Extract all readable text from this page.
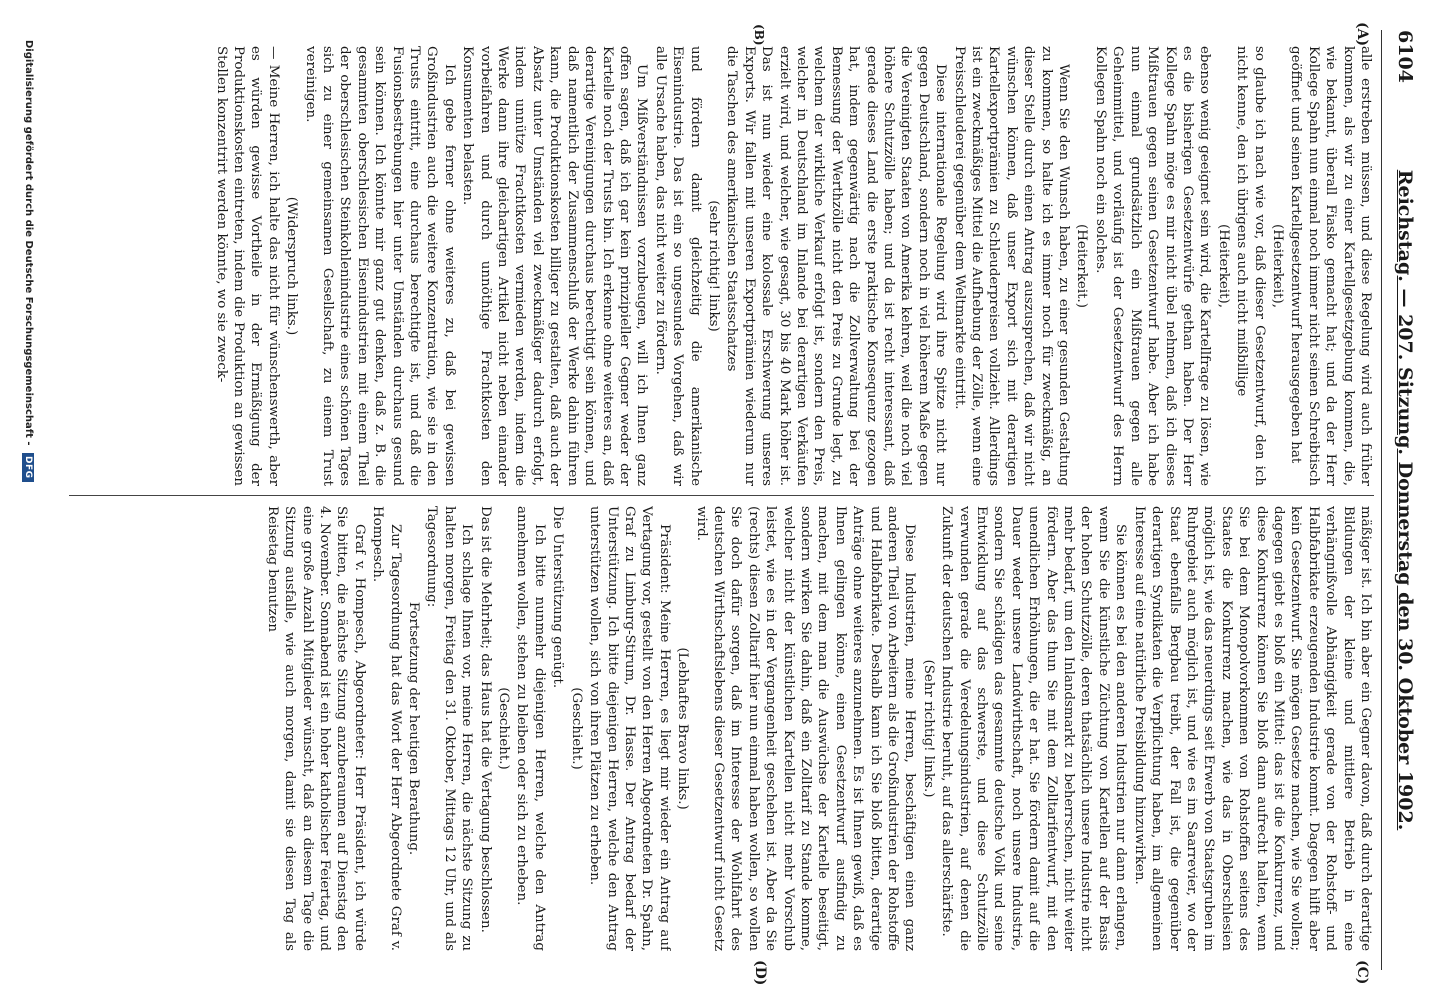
6104
Reichstag. — 207. Sitzung. Donnerstag den 30. Oktober 1902.
(A)
(B)
(C)
(D)

alle erstreben müssen, und diese Regelung wird auch früher kommen, als wir zu einer Kartellgesetzgebung kommen, die, wie bekannt, überall Fiasko gemacht hat; und da der Herr Kollege Spahn nun einmal noch immer nicht seinen Schreibtisch geöffnet und seinen Kartellgesetzentwurf herausgegeben hat

(Heiterkeit),

so glaube ich nach wie vor, daß dieser Gesetzentwurf, den ich nicht kenne, den ich übrigens auch nicht mißbillige

(Heiterkeit),

ebenso wenig geeignet sein wird, die Kartellfrage zu lösen, wie es die bisherigen Gesetzentwürfe gethan haben. Der Herr Kollege Spahn möge es mir nicht übel nehmen, daß ich dieses Mißtrauen gegen seinen Gesetzentwurf habe. Aber ich habe nun einmal grundsätzlich ein Mißtrauen gegen alle Geheimmittel, und vorläufig ist der Gesetzentwurf des Herrn Kollegen Spahn noch ein solches.

(Heiterkeit.)

Wenn Sie den Wunsch haben, zu einer gesunden Gestaltung zu kommen, so halte ich es immer noch für zweckmäßig, an dieser Stelle durch einen Antrag auszusprechen, daß wir nicht wünschen können, daß unser Export sich mit derartigen Kartellexportprämien zu Schleuderpreisen vollzieht. Allerdings ist ein zweckmäßiges Mittel die Aufhebung der Zölle, wenn eine Preisschleuderei gegenüber dem Weltmarkte eintritt.

Diese internationale Regelung wird ihre Spitze nicht nur gegen Deutschland, sondern noch in viel höherem Maße gegen die Vereinigten Staaten von Amerika kehren, weil die noch viel höhere Schutzzölle haben; und da ist recht interessant, daß gerade dieses Land die erste praktische Konsequenz gezogen hat, indem gegenwärtig nach die Zollverwaltung bei der Bemessung der Werthzölle nicht den Preis zu Grunde legt, zu welchem der wirkliche Verkauf erfolgt ist, sondern den Preis, welcher in Deutschland im Inlande bei derartigen Verkäufen erzielt wird, und welcher, wie gesagt, 30 bis 40 Mark höher ist. Das ist nun wieder eine kolossale Erschwerung unseres Exports. Wir fallen mit unseren Exportprämien wiederum nur die Taschen des amerikanischen Staatsschatzes

(sehr richtig! links)

und fördern damit gleichzeitig die amerikanische Eisenindustrie. Das ist ein so ungesundes Vorgehen, daß wir alle Ursache haben, das nicht weiter zu fördern.

Um Mißverständnissen vorzubeugen, will ich Ihnen ganz offen sagen, daß ich gar kein prinzipieller Gegner weder der Kartelle noch der Trusts bin. Ich erkenne ohne weiteres an, daß derartige Vereinigungen durchaus berechtigt sein können, und daß namentlich der Zusammenschluß der Werke dahin führen kann, die Produktionskosten billiger zu gestalten, daß auch der Absatz unter Umständen viel zweckmäßiger dadurch erfolgt, indem unnütze Frachtkosten vermieden werden, indem die Werke dann ihre gleichartigen Artikel nicht neben einander vorbeifahren und durch unnöthige Frachtkosten den Konsumenten belasten.

Ich gebe ferner ohne weiteres zu, daß bei gewissen Großindustrien auch die weitere Konzentration, wie sie in den Trusts eintritt, eine durchaus berechtigte ist, und daß die Fusionsbestrebungen hier unter Umständen durchaus gesund sein können. Ich könnte mir ganz gut denken, daß z. B. die gesammten oberschlesischen Eisenindustrien mit einem Theil der oberschlesischen Steinkohlenindustrie eines schönen Tages sich zu einer gemeinsamen Gesellschaft, zu einem Trust vereinigen.

(Widerspruch links.)

— Meine Herren, ich halte das nicht für wünschenswerth, aber es würden gewisse Vortheile in der Ermäßigung der Produktionskosten eintreten, indem die Produktion an gewissen Stellen konzentrirt werden könnte, wo sie zweck-

mäßiger ist. Ich bin aber ein Gegner davon, daß durch derartige Bildungen der kleine und mittlere Betrieb in eine verhängnißvolle Abhängigkeit gerade von der Rohstoff- und Halbfabrikate erzeugenden Industrie kommt. Dagegen hilft aber kein Gesetzentwurf. Sie mögen Gesetze machen, wie Sie wollen; dagegen giebt es bloß ein Mittel: das ist die Konkurrenz, und diese Konkurrenz können Sie bloß dann aufrecht halten, wenn Sie bei dem Monopolvorkommen von Rohstoffen seitens des Staates die Konkurrenz machen, wie das in Oberschlesien möglich ist, wie das neuerdings seit Erwerb von Staatsgruben im Ruhrgebiet auch möglich ist, und wie es im Saarrevier, wo der Staat ebenfalls Bergbau treibt, der Fall ist, die gegenüber derartigen Syndikaten die Verpflichtung haben, im allgemeinen Interesse auf eine natürliche Preisbildung hinzuwirken.

Sie können es bei den anderen Industrien nur dann erlangen, wenn Sie die künstliche Züchtung von Kartellen auf der Basis der hohen Schutzzölle, deren thatsächlich unsere Industrie nicht mehr bedarf, um den Inlandsmarkt zu beherrschen, nicht weiter fördern. Aber das thun Sie mit dem Zolltarifentwurf, mit den unendlichen Erhöhungen, die er hat. Sie fördern damit auf die Dauer weder unsere Landwirthschaft, noch unsere Industrie, sondern Sie schädigen das gesammte deutsche Volk und seine Entwicklung auf das schwerste, und diese Schutzzölle verwunden gerade die Veredelungsindustrien, auf denen die Zukunft der deutschen Industrie beruht, auf das allerschärfste.

(Sehr richtig! links.)

Diese Industrien, meine Herren, beschäftigen einen ganz anderen Theil von Arbeitern als die Großindustrien der Rohstoffe und Halbfabrikate. Deshalb kann ich Sie bloß bitten, derartige Anträge ohne weiteres anzunehmen. Es ist Ihnen gewiß, daß es Ihnen gelingen könne, einen Gesetzentwurf ausfindig zu machen, mit dem man die Auswüchse der Kartelle beseitigt, sondern wirken Sie dahin, daß ein Zolltarif zu Stande komme, welcher nicht der künstlichen Kartellen nicht mehr Vorschub leistet, wie es in der Vergangenheit geschehen ist. Aber da Sie (rechts) diesen Zolltarif hier nun einmal haben wollen, so wollen Sie doch dafür sorgen, daß im Interesse der Wohlfahrt des deutschen Wirthschaftslebens dieser Gesetzentwurf nicht Gesetz wird.

(Lebhaftes Bravo links.)

Präsident: Meine Herren, es liegt mir wieder ein Antrag auf Vertagung vor, gestellt von den Herren Abgeordneten Dr. Spahn, Graf zu Limburg-Stirum, Dr. Hasse. Der Antrag bedarf der Unterstützung. Ich bitte diejenigen Herren, welche den Antrag unterstützen wollen, sich von ihren Plätzen zu erheben.

(Geschieht.)

Die Unterstützung genügt.

Ich bitte nunmehr diejenigen Herren, welche den Antrag annehmen wollen, stehen zu bleiben oder sich zu erheben.

(Geschieht.)

Das ist die Mehrheit; das Haus hat die Vertagung beschlossen.

Ich schlage Ihnen vor, meine Herren, die nächste Sitzung zu halten morgen, Freitag den 31. Oktober, Mittags 12 Uhr, und als Tagesordnung:

Fortsetzung der heutigen Berathung.

Zur Tagesordnung hat das Wort der Herr Abgeordnete Graf v. Hompesch.

Graf v. Hompesch, Abgeordneter: Herr Präsident, ich würde Sie bitten, die nächste Sitzung anzuberaumen auf Dienstag den 4. November. Sonnabend ist ein hoher katholischer Feiertag, und eine große Anzahl Mitglieder wünscht, daß an diesem Tage die Sitzung ausfalle, wie auch morgen, damit sie diesen Tag als Reisetag benutzen

Digitalisierung gefördert durch die Deutsche Forschungsgemeinschaft - DFG
